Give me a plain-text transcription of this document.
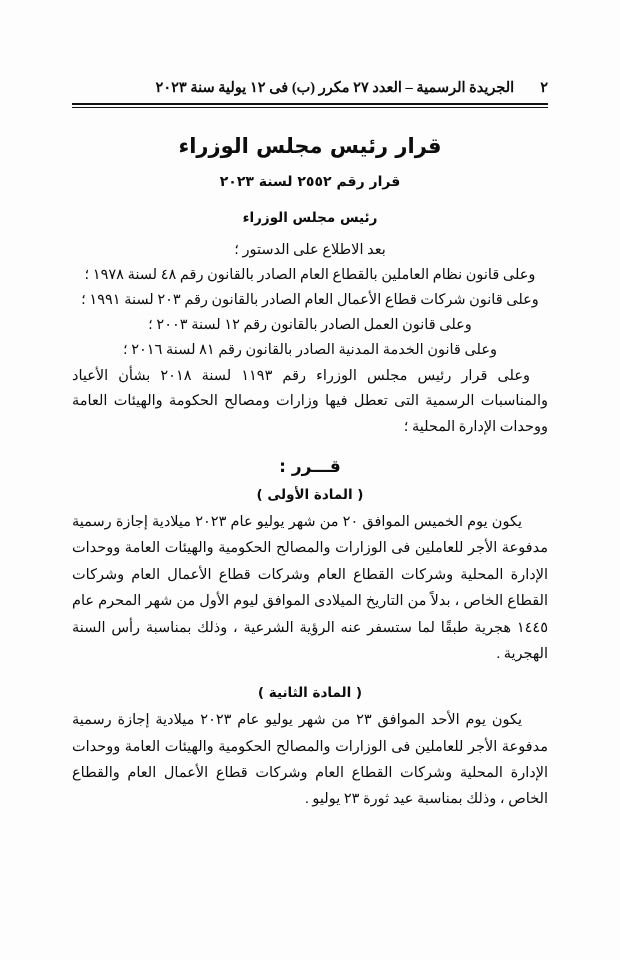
٢
الجريدة الرسمية – العدد ٢٧ مكرر (ب) فى ١٢ يولية سنة ٢٠٢٣
قرار رئيس مجلس الوزراء
قرار رقم ٢٥٥٢ لسنة ٢٠٢٣
رئيس مجلس الوزراء
بعد الاطلاع على الدستور ؛
وعلى قانون نظام العاملين بالقطاع العام الصادر بالقانون رقم ٤٨ لسنة ١٩٧٨ ؛
وعلى قانون شركات قطاع الأعمال العام الصادر بالقانون رقم ٢٠٣ لسنة ١٩٩١ ؛
وعلى قانون العمل الصادر بالقانون رقم ١٢ لسنة ٢٠٠٣ ؛
وعلى قانون الخدمة المدنية الصادر بالقانون رقم ٨١ لسنة ٢٠١٦ ؛
وعلى قرار رئيس مجلس الوزراء رقم ١١٩٣ لسنة ٢٠١٨ بشأن الأعياد والمناسبات الرسمية التى تعطل فيها وزارات ومصالح الحكومة والهيئات العامة ووحدات الإدارة المحلية ؛
قـــرر :
( المادة الأولى )
يكون يوم الخميس الموافق ٢٠ من شهر يوليو عام ٢٠٢٣ ميلادية إجازة رسمية مدفوعة الأجر للعاملين فى الوزارات والمصالح الحكومية والهيئات العامة ووحدات الإدارة المحلية وشركات القطاع العام وشركات قطاع الأعمال العام وشركات القطاع الخاص ، بدلاً من التاريخ الميلادى الموافق ليوم الأول من شهر المحرم عام ١٤٤٥ هجرية طبقًا لما ستسفر عنه الرؤية الشرعية ، وذلك بمناسبة رأس السنة الهجرية .
( المادة الثانية )
يكون يوم الأحد الموافق ٢٣ من شهر يوليو عام ٢٠٢٣ ميلادية إجازة رسمية مدفوعة الأجر للعاملين فى الوزارات والمصالح الحكومية والهيئات العامة ووحدات الإدارة المحلية وشركات القطاع العام وشركات قطاع الأعمال العام والقطاع الخاص ، وذلك بمناسبة عيد ثورة ٢٣ يوليو .
